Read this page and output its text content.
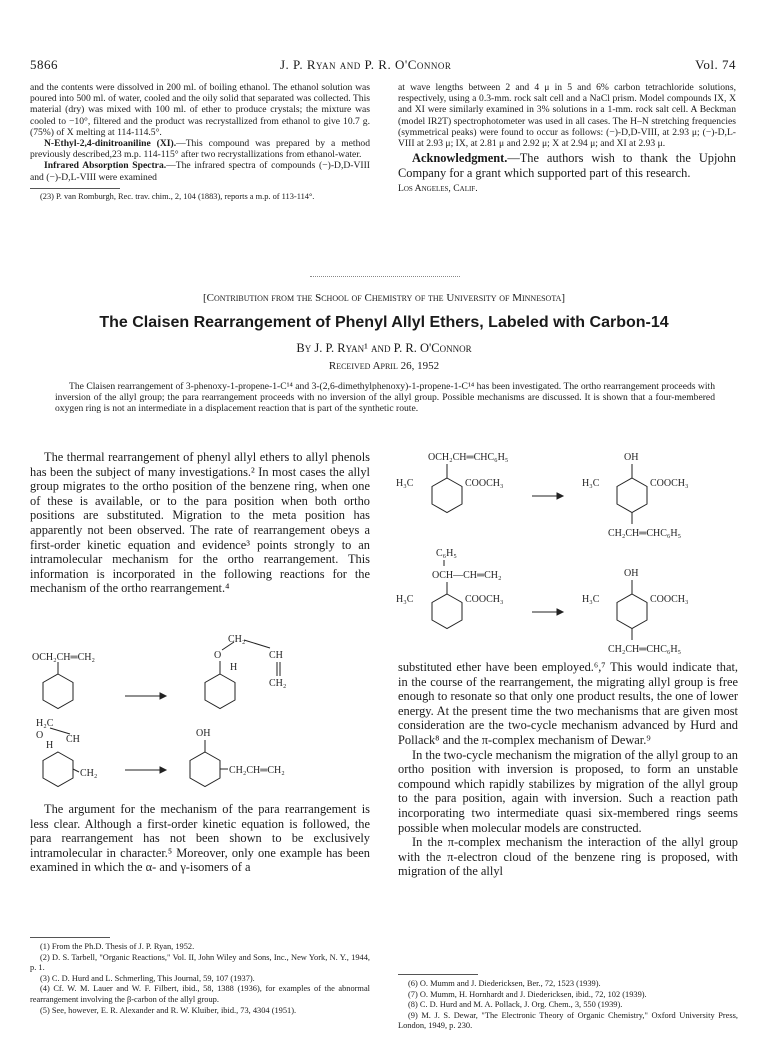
5866	J. P. Ryan and P. R. O'Connor	Vol. 74

and the contents were dissolved in 200 ml. of boiling ethanol. The ethanol solution was poured into 500 ml. of water, cooled and the oily solid that separated was collected. This material (dry) was mixed with 100 ml. of ether to produce crystals; the mixture was cooled to −10°, filtered and the product was recrystallized from ethanol to give 10.7 g. (75%) of X melting at 114-114.5°.

N-Ethyl-2,4-dinitroaniline (XI).—This compound was prepared by a method previously described,23 m.p. 114-115° after two recrystallizations from ethanol-water.

Infrared Absorption Spectra.—The infrared spectra of compounds (−)-D,D-VIII and (−)-D,L-VIII were examined

(23) P. van Romburgh, Rec. trav. chim., 2, 104 (1883), reports a m.p. of 113-114°.

at wave lengths between 2 and 4 μ in 5 and 6% carbon tetrachloride solutions, respectively, using a 0.3-mm. rock salt cell and a NaCl prism. Model compounds IX, X and XI were similarly examined in 3% solutions in a 1-mm. rock salt cell. A Beckman (model IR2T) spectrophotometer was used in all cases. The H–N stretching frequencies (symmetrical peaks) were found to occur as follows: (−)-D,D-VIII, at 2.93 μ; (−)-D,L-VIII at 2.93 μ; IX, at 2.81 μ and 2.92 μ; X at 2.94 μ; and XI at 2.93 μ.

Acknowledgment.—The authors wish to thank the Upjohn Company for a grant which supported part of this research.

Los Angeles, Calif.

[Contribution from the School of Chemistry of the University of Minnesota]
The Claisen Rearrangement of Phenyl Allyl Ethers, Labeled with Carbon-14
By J. P. Ryan¹ and P. R. O'Connor
Received April 26, 1952

The Claisen rearrangement of 3-phenoxy-1-propene-1-C¹⁴ and 3-(2,6-dimethylphenoxy)-1-propene-1-C¹⁴ has been investigated. The ortho rearrangement proceeds with inversion of the allyl group; the para rearrangement proceeds with no inversion of the allyl group. Possible mechanisms are discussed. It is shown that a four-membered oxygen ring is not an intermediate in a displacement reaction that is part of the synthetic route.

The thermal rearrangement of phenyl allyl ethers to allyl phenols has been the subject of many investigations.² In most cases the allyl group migrates to the ortho position of the benzene ring, when one of these is available, or to the para position when both ortho positions are substituted. Migration to the meta position has apparently not been observed. The rate of rearrangement obeys a first-order kinetic equation and evidence³ points strongly to an intramolecular mechanism for the ortho rearrangement. This information is incorporated in the following reactions for the mechanism of the ortho rearrangement.⁴

OCH₂CH═CH₂
CH₂
O	CH
H
CH₂
H₂C
O CH
H
CH₂
OH
CH₂CH═CH₂

The argument for the mechanism of the para rearrangement is less clear. Although a first-order kinetic equation is followed, the para rearrangement has not been shown to be exclusively intramolecular in character.⁵ Moreover, only one example has been examined in which the α- and γ-isomers of a

(1) From the Ph.D. Thesis of J. P. Ryan, 1952.

(2) D. S. Tarbell, "Organic Reactions," Vol. II, John Wiley and Sons, Inc., New York, N. Y., 1944, p. 1.

(3) C. D. Hurd and L. Schmerling, This Journal, 59, 107 (1937).

(4) Cf. W. M. Lauer and W. F. Filbert, ibid., 58, 1388 (1936), for examples of the abnormal rearrangement involving the β-carbon of the allyl group.

(5) See, however, E. R. Alexander and R. W. Kluiber, ibid., 73, 4304 (1951).

OCH₂CH═CHC₆H₅
H₃C	COOCH₃
OH
H₃C	COOCH₃
CH₂CH═CHC₆H₅
C₆H₅
OCH—CH═CH₂
H₃C	COOCH₃
OH
H₃C	COOCH₃
CH₂CH═CHC₆H₅

substituted ether have been employed.⁶,⁷ This would indicate that, in the course of the rearrangement, the migrating allyl group is free enough to resonate so that only one product results, the one of lower energy. At the present time the two mechanisms that are given most consideration are the two-cycle mechanism advanced by Hurd and Pollack⁸ and the π-complex mechanism of Dewar.⁹

In the two-cycle mechanism the migration of the allyl group to an ortho position with inversion is proposed, to form an unstable compound which rapidly stabilizes by migration of the allyl group to the para position, again with inversion. Such a reaction path incorporating two intermediate quasi six-membered rings seems possible when molecular models are constructed.

In the π-complex mechanism the interaction of the allyl group with the π-electron cloud of the benzene ring is proposed, with migration of the allyl

(6) O. Mumm and J. Diedericksen, Ber., 72, 1523 (1939).

(7) O. Mumm, H. Hornhardt and J. Diedericksen, ibid., 72, 102 (1939).

(8) C. D. Hurd and M. A. Pollack, J. Org. Chem., 3, 550 (1939).

(9) M. J. S. Dewar, "The Electronic Theory of Organic Chemistry," Oxford University Press, London, 1949, p. 230.
